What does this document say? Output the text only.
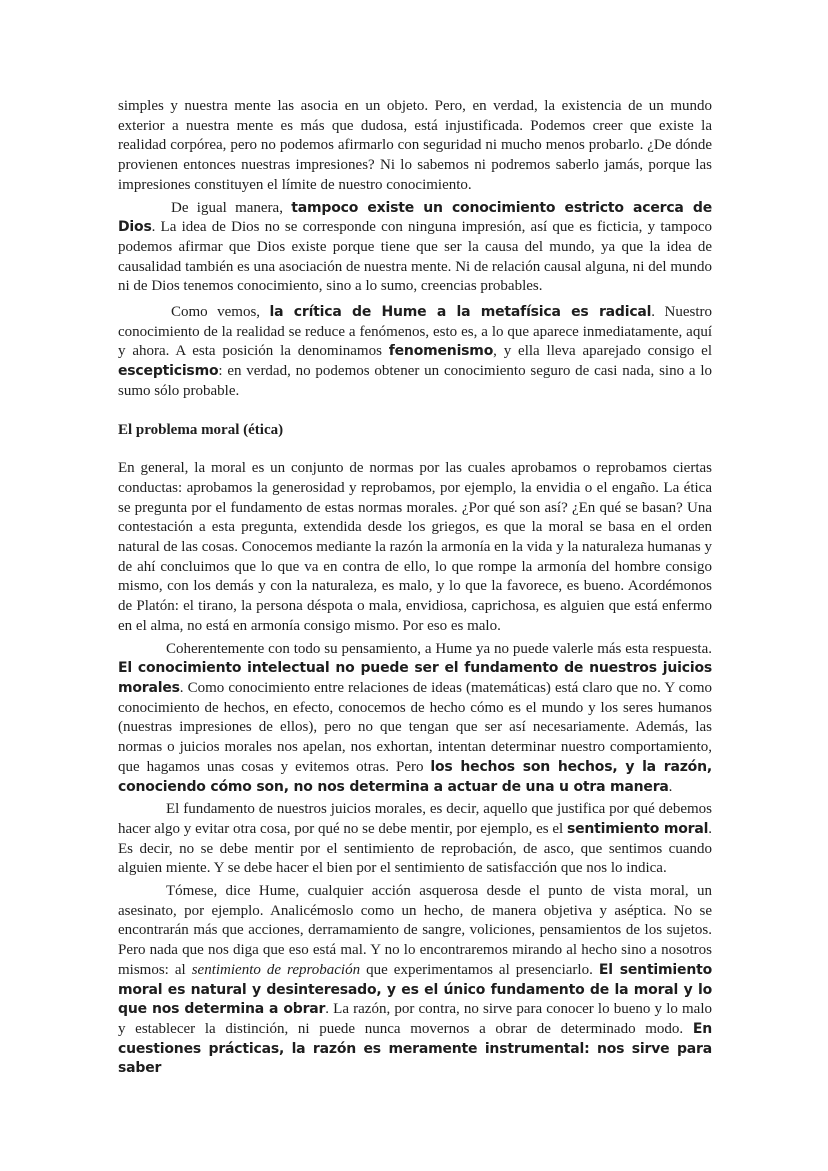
simples y nuestra mente las asocia en un objeto. Pero, en verdad, la existencia de un mundo exterior a nuestra mente es más que dudosa, está injustificada. Podemos creer que existe la realidad corpórea, pero no podemos afirmarlo con seguridad ni mucho menos probarlo. ¿De dónde provienen entonces nuestras impresiones? Ni lo sabemos ni podremos saberlo jamás, porque las impresiones constituyen el límite de nuestro conocimiento.

De igual manera, tampoco existe un conocimiento estricto acerca de Dios. La idea de Dios no se corresponde con ninguna impresión, así que es ficticia, y tampoco podemos afirmar que Dios existe porque tiene que ser la causa del mundo, ya que la idea de causalidad también es una asociación de nuestra mente. Ni de relación causal alguna, ni del mundo ni de Dios tenemos conocimiento, sino a lo sumo, creencias probables.

Como vemos, la crítica de Hume a la metafísica es radical. Nuestro conocimiento de la realidad se reduce a fenómenos, esto es, a lo que aparece inmediatamente, aquí y ahora. A esta posición la denominamos fenomenismo, y ella lleva aparejado consigo el escepticismo: en verdad, no podemos obtener un conocimiento seguro de casi nada, sino a lo sumo sólo probable.

El problema moral (ética)

En general, la moral es un conjunto de normas por las cuales aprobamos o reprobamos ciertas conductas: aprobamos la generosidad y reprobamos, por ejemplo, la envidia o el engaño. La ética se pregunta por el fundamento de estas normas morales. ¿Por qué son así? ¿En qué se basan? Una contestación a esta pregunta, extendida desde los griegos, es que la moral se basa en el orden natural de las cosas. Conocemos mediante la razón la armonía en la vida y la naturaleza humanas y de ahí concluimos que lo que va en contra de ello, lo que rompe la armonía del hombre consigo mismo, con los demás y con la naturaleza, es malo, y lo que la favorece, es bueno. Acordémonos de Platón: el tirano, la persona déspota o mala, envidiosa, caprichosa, es alguien que está enfermo en el alma, no está en armonía consigo mismo. Por eso es malo.

Coherentemente con todo su pensamiento, a Hume ya no puede valerle más esta respuesta. El conocimiento intelectual no puede ser el fundamento de nuestros juicios morales. Como conocimiento entre relaciones de ideas (matemáticas) está claro que no. Y como conocimiento de hechos, en efecto, conocemos de hecho cómo es el mundo y los seres humanos (nuestras impresiones de ellos), pero no que tengan que ser así necesariamente. Además, las normas o juicios morales nos apelan, nos exhortan, intentan determinar nuestro comportamiento, que hagamos unas cosas y evitemos otras. Pero los hechos son hechos, y la razón, conociendo cómo son, no nos determina a actuar de una u otra manera.

El fundamento de nuestros juicios morales, es decir, aquello que justifica por qué debemos hacer algo y evitar otra cosa, por qué no se debe mentir, por ejemplo, es el sentimiento moral. Es decir, no se debe mentir por el sentimiento de reprobación, de asco, que sentimos cuando alguien miente. Y se debe hacer el bien por el sentimiento de satisfacción que nos lo indica.

Tómese, dice Hume, cualquier acción asquerosa desde el punto de vista moral, un asesinato, por ejemplo. Analicémoslo como un hecho, de manera objetiva y aséptica. No se encontrarán más que acciones, derramamiento de sangre, voliciones, pensamientos de los sujetos. Pero nada que nos diga que eso está mal. Y no lo encontraremos mirando al hecho sino a nosotros mismos: al sentimiento de reprobación que experimentamos al presenciarlo. El sentimiento moral es natural y desinteresado, y es el único fundamento de la moral y lo que nos determina a obrar. La razón, por contra, no sirve para conocer lo bueno y lo malo y establecer la distinción, ni puede nunca movernos a obrar de determinado modo. En cuestiones prácticas, la razón es meramente instrumental: nos sirve para saber
